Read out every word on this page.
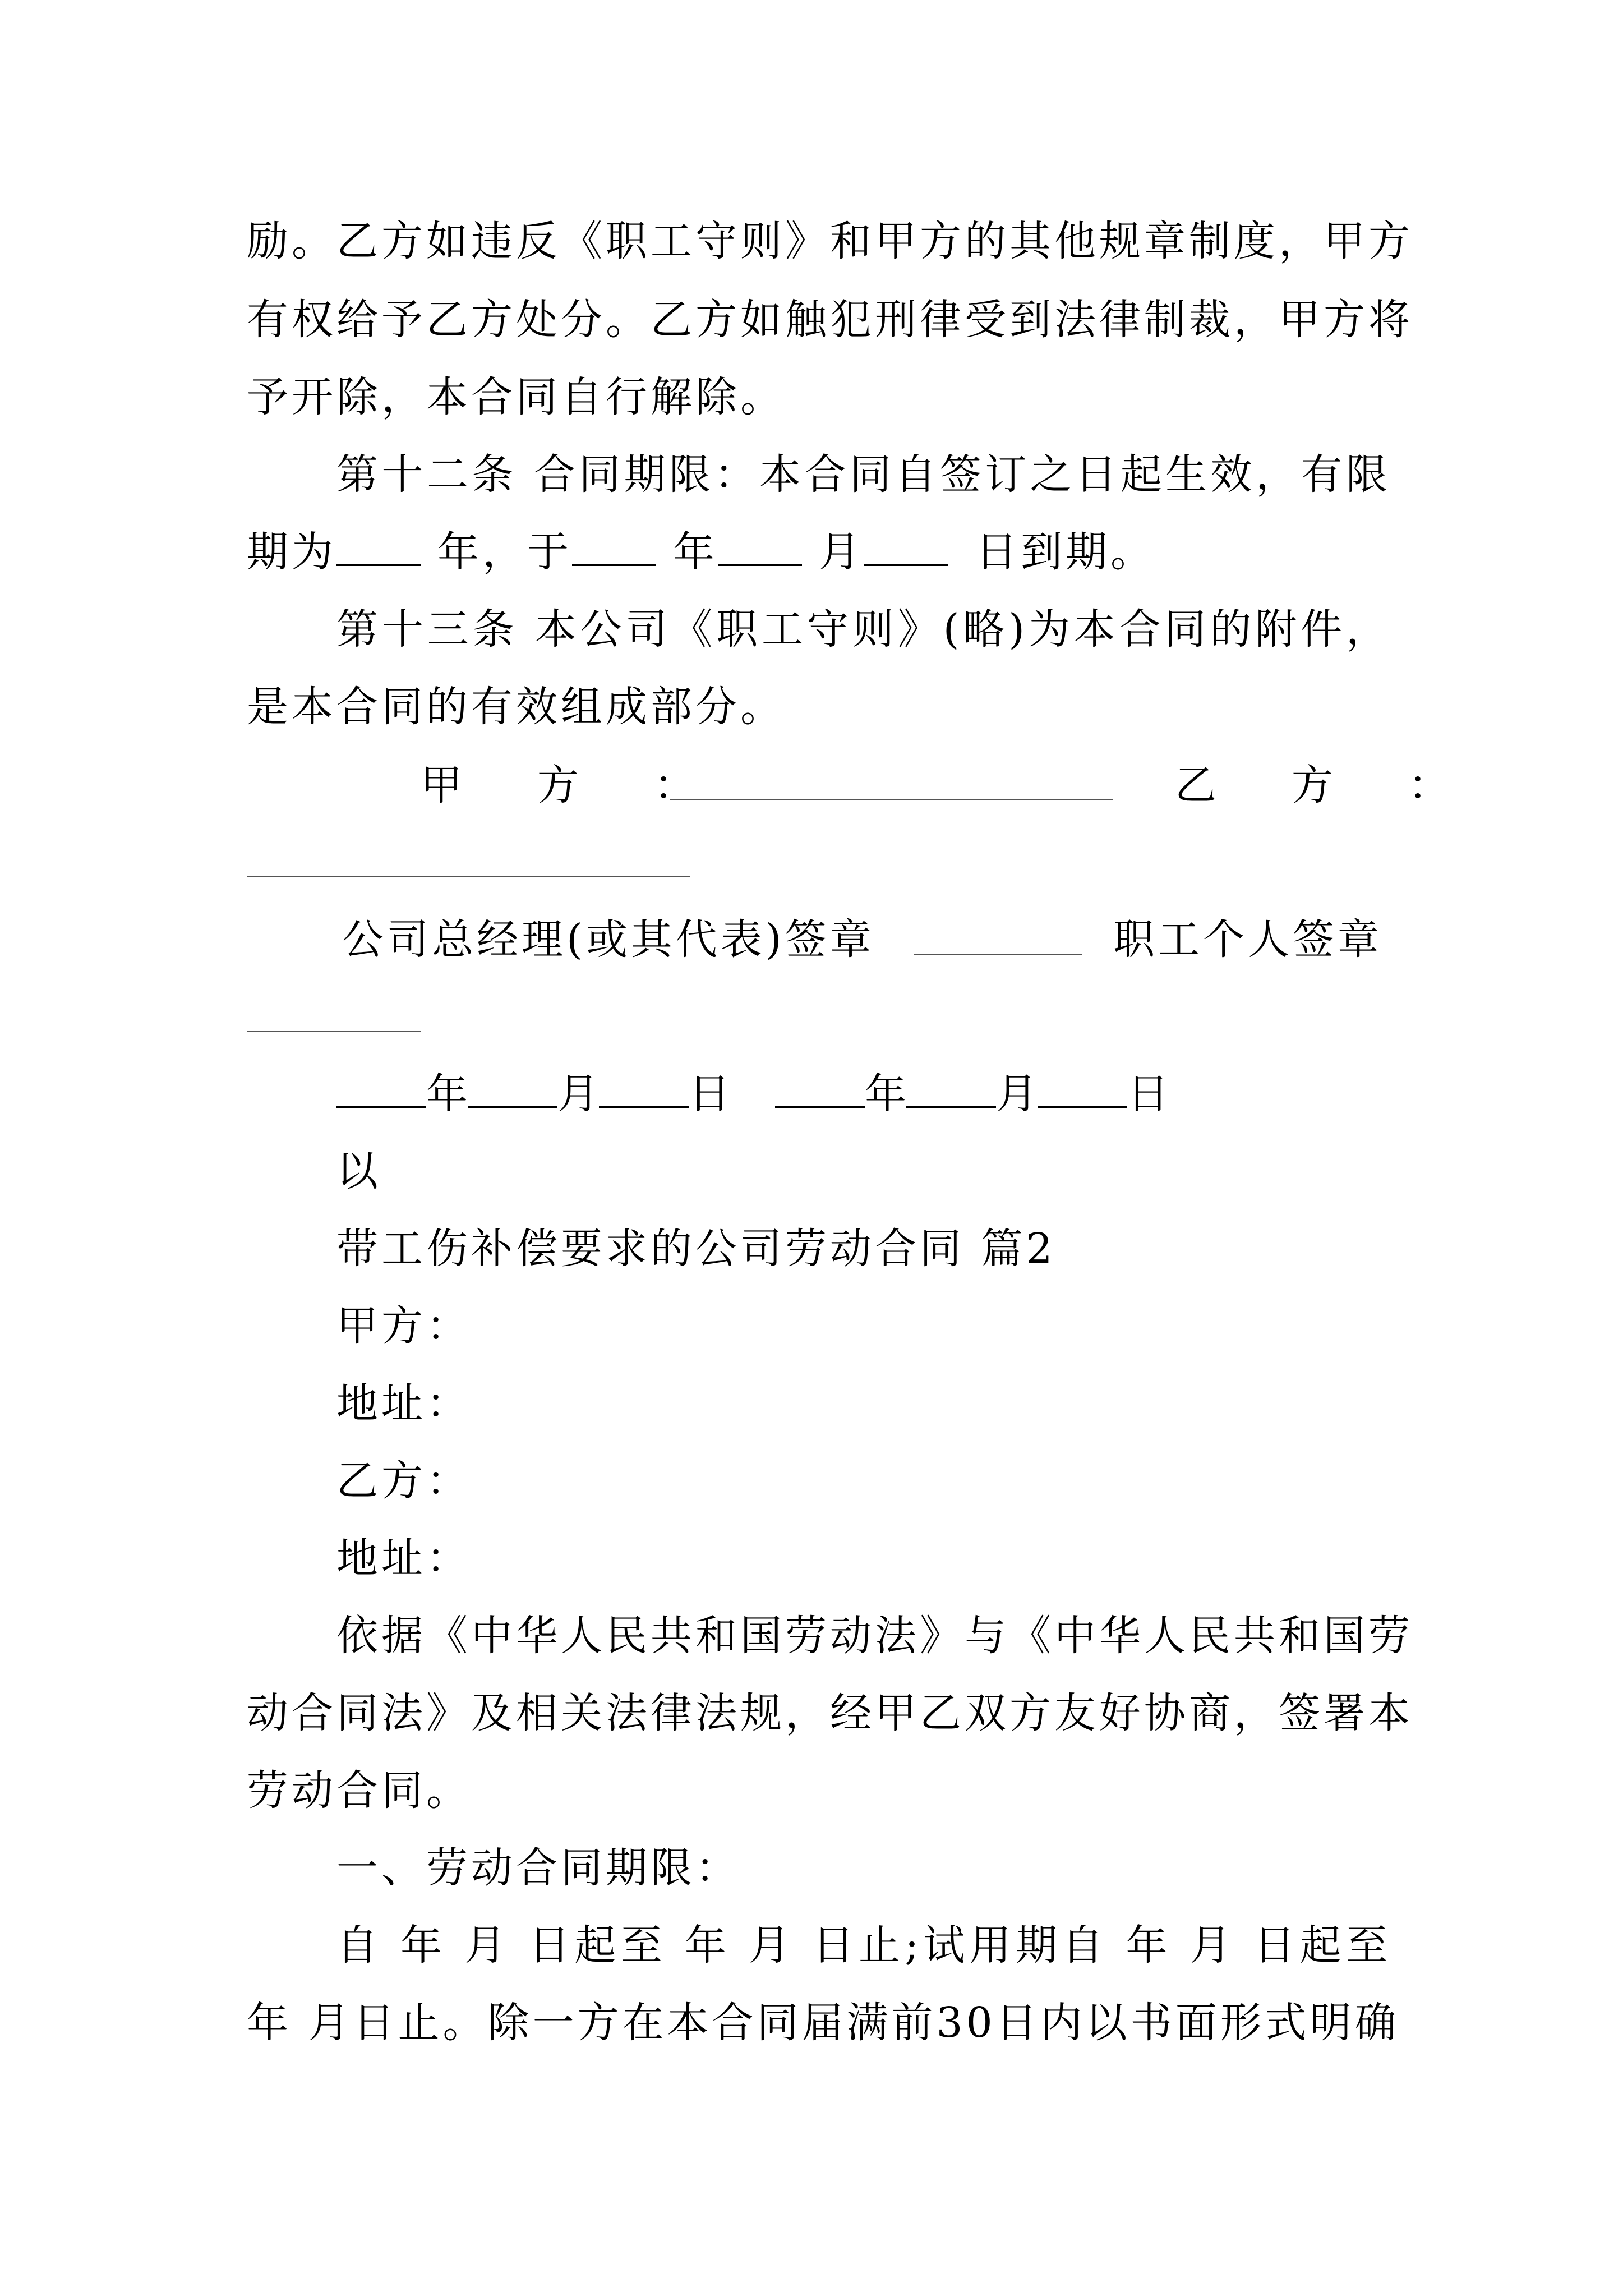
励。乙方如违反《职工守则》和甲方的其他规章制度，甲方
有权给予乙方处分。乙方如触犯刑律受到法律制裁，甲方将
予开除，本合同自行解除。
第十二条 合同期限：本合同自签订之日起生效，有限
期为 年，于 年 月	日到期。
第十三条 本公司《职工守则》(略)为本合同的附件，
是本合同的有效组成部分。
甲　方　：	乙　方　：
公司总经理(或其代表)签章	职工个人签章
年 月 日	年 月 日
以
带工伤补偿要求的公司劳动合同 篇2
甲方：
地址：
乙方：
地址：
依据《中华人民共和国劳动法》与《中华人民共和国劳
动合同法》及相关法律法规，经甲乙双方友好协商，签署本
劳动合同。
一、劳动合同期限：
自 年 月 日起至 年 月 日止;试用期自 年 月 日起至
年 月日止。除一方在本合同届满前30日内以书面形式明确
